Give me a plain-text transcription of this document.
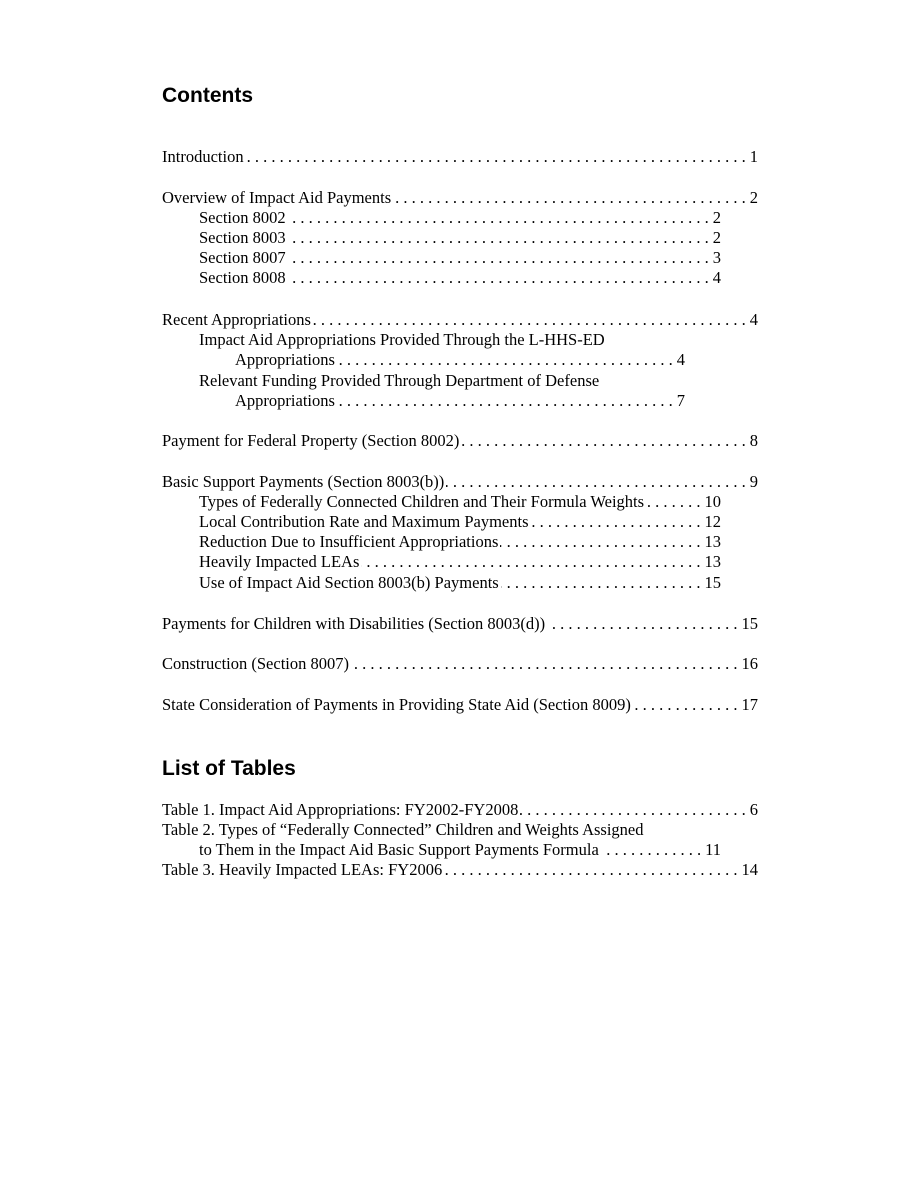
Contents
Introduction . . .	1
Overview of Impact Aid Payments . . .	2
Section 8002 . . .	2
Section 8003 . . .	2
Section 8007 . . .	3
Section 8008 . . .	4
Recent Appropriations . . .	4
Impact Aid Appropriations Provided Through the L-HHS-ED
Appropriations . . .	4
Relevant Funding Provided Through Department of Defense
Appropriations . . .	7
Payment for Federal Property (Section 8002) . . .	8
Basic Support Payments (Section 8003(b)) . . .	9
Types of Federally Connected Children and Their Formula Weights . . .	10
Local Contribution Rate and Maximum Payments . . .	12
Reduction Due to Insufficient Appropriations . . .	13
Heavily Impacted LEAs . . .	13
Use of Impact Aid Section 8003(b) Payments . . .	15
Payments for Children with Disabilities (Section 8003(d)) . . .	15
Construction (Section 8007) . . .	16
State Consideration of Payments in Providing State Aid (Section 8009) . . .	17
List of Tables
Table 1. Impact Aid Appropriations: FY2002-FY2008 . . .	6
Table 2. Types of “Federally Connected” Children and Weights Assigned
to Them in the Impact Aid Basic Support Payments Formula . . .	11
Table 3. Heavily Impacted LEAs: FY2006 . . .	14
